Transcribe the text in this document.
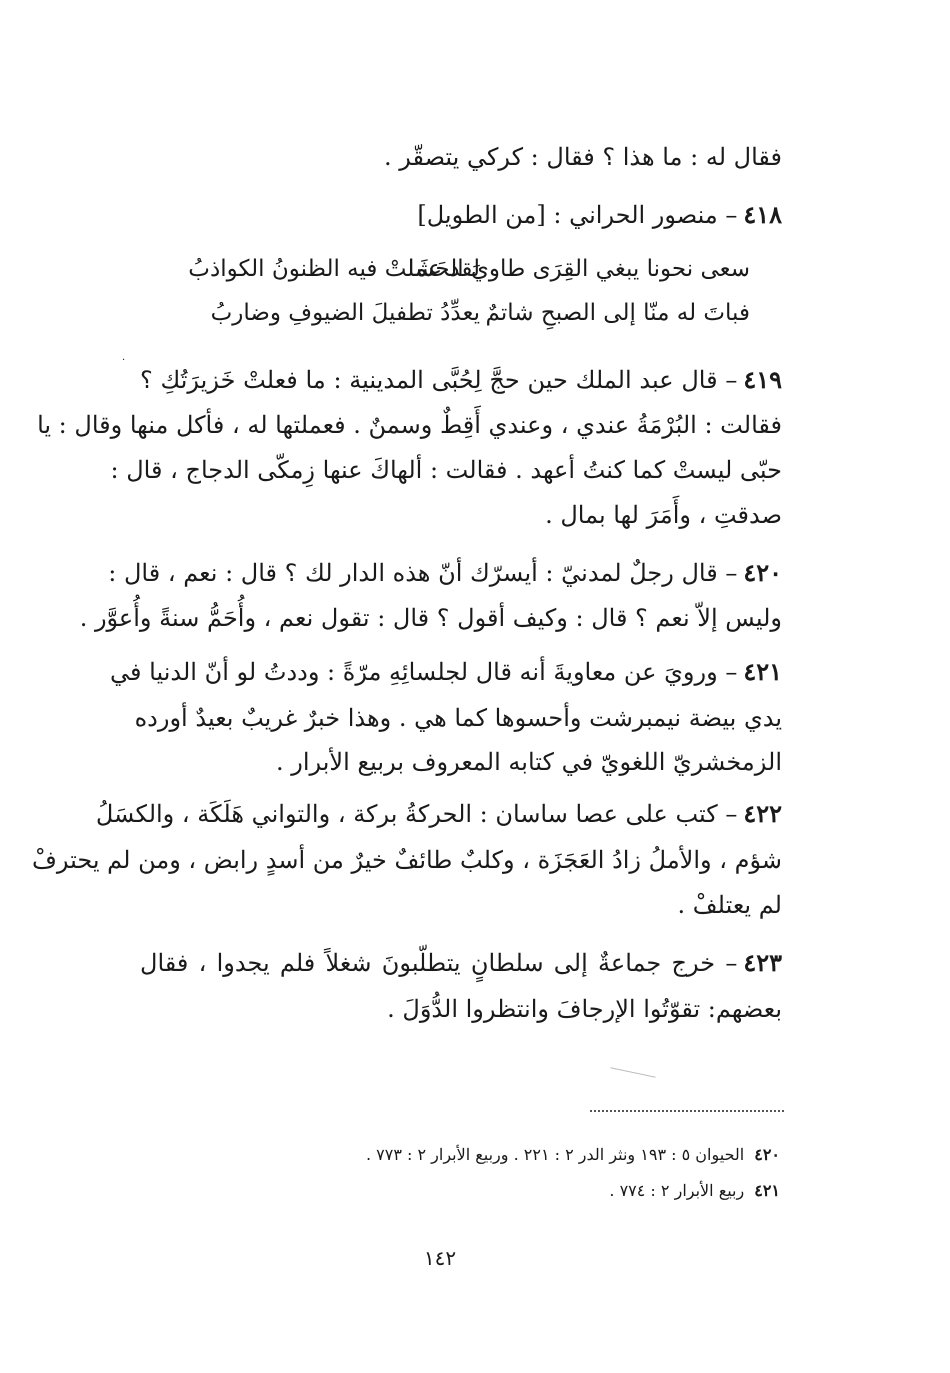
فقال له : ما هذا ؟ فقال : كركي يتصقّر .
٤١٨– منصور الحراني : [من الطويل]
سعى نحونا يبغي القِرَى طاويَ الحَشَا
لقد عملتْ فيه الظنونُ الكواذبُ
فباتَ له منّا إلى الصبحِ شاتمٌ
يعدِّدُ تطفيلَ الضيوفِ وضاربُ
·
٤١٩– قال عبد الملك حين حجَّ لِحُبَّى المدينية : ما فعلتْ خَزيرَتُكِ ؟
فقالت : البُرْمَةُ عندي ، وعندي أَقِطٌ وسمنٌ . فعملتها له ، فأكل منها وقال : يا
حبّى ليستْ كما كنتُ أعهد . فقالت : ألهاكَ عنها زِمكّى الدجاج ، قال :
صدقتِ ، وأَمَرَ لها بمال .
٤٢٠– قال رجلٌ لمدنيّ : أيسرّك أنّ هذه الدار لك ؟ قال : نعم ، قال :
وليس إلاّ نعم ؟ قال : وكيف أقول ؟ قال : تقول نعم ، وأُحَمُّ سنةً وأُعوَّر .
٤٢١– ورويَ عن معاويةَ أنه قال لجلسائِهِ مرّةً : وددتُ لو أنّ الدنيا في
يدي بيضة نيمبرشت وأحسوها كما هي . وهذا خبرٌ غريبٌ بعيدٌ أورده
الزمخشريّ اللغويّ في كتابه المعروف بربيع الأبرار .
٤٢٢– كتب على عصا ساسان : الحركةُ بركة ، والتواني هَلَكَة ، والكسَلُ
شؤم ، والأملُ زادُ العَجَزَة ، وكلبٌ طائفٌ خيرٌ من أسدٍ رابض ، ومن لم يحترفْ
لم يعتلفْ .
٤٢٣– خرج جماعةٌ إلى سلطانٍ يتطلّبونَ شغلاً فلم يجدوا ، فقال
بعضهم: تقوّتُوا الإرجافَ وانتظروا الدُّوَلَ .
٤٢٠الحيوان ٥ : ١٩٣ ونثر الدر ٢ : ٢٢١ . وربيع الأبرار ٢ : ٧٧٣ .
٤٢١ربيع الأبرار ٢ : ٧٧٤ .
١٤٢
